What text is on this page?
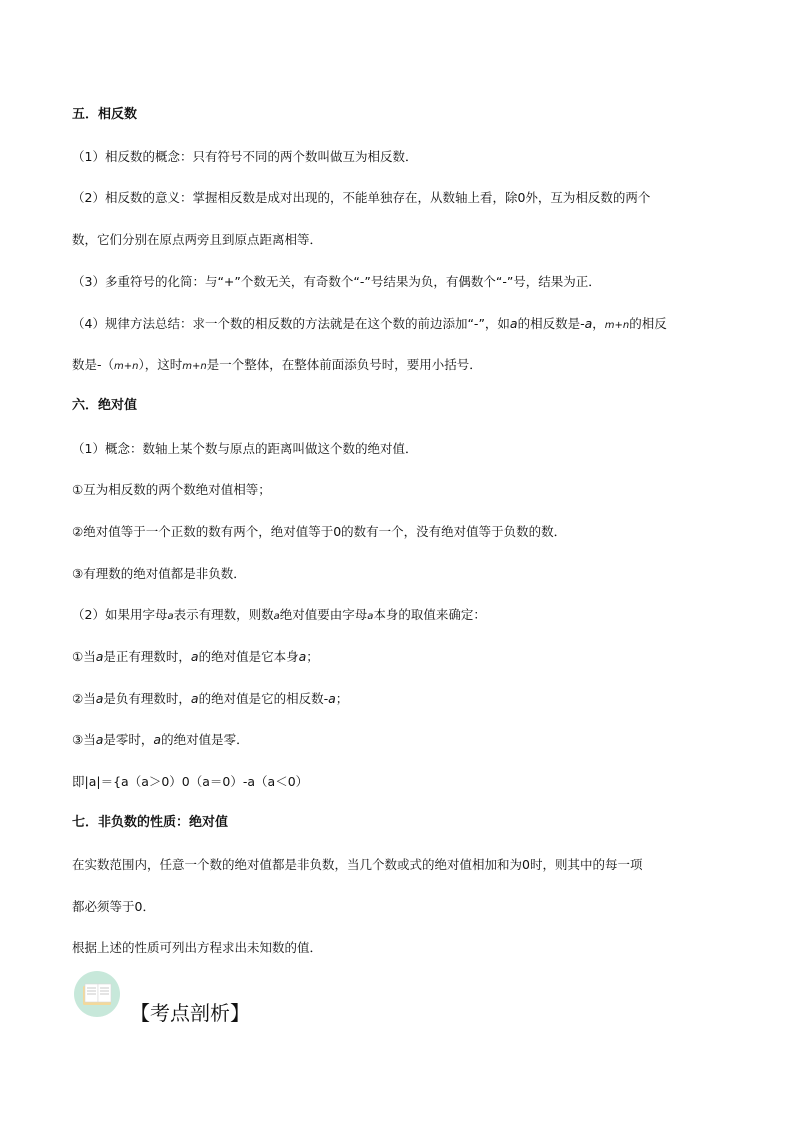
五．相反数
（1）相反数的概念：只有符号不同的两个数叫做互为相反数．
（2）相反数的意义：掌握相反数是成对出现的，不能单独存在，从数轴上看，除0外，互为相反数的两个
数，它们分别在原点两旁且到原点距离相等．
（3）多重符号的化简：与“+”个数无关，有奇数个“-”号结果为负，有偶数个“-”号，结果为正．
（4）规律方法总结：求一个数的相反数的方法就是在这个数的前边添加“-”，如a的相反数是-a，m+n的相反
数是-（m+n），这时m+n是一个整体，在整体前面添负号时，要用小括号．
六．绝对值
（1）概念：数轴上某个数与原点的距离叫做这个数的绝对值．
①互为相反数的两个数绝对值相等；
②绝对值等于一个正数的数有两个，绝对值等于0的数有一个，没有绝对值等于负数的数．
③有理数的绝对值都是非负数．
（2）如果用字母a表示有理数，则数a绝对值要由字母a本身的取值来确定：
①当a是正有理数时，a的绝对值是它本身a；
②当a是负有理数时，a的绝对值是它的相反数-a；
③当a是零时，a的绝对值是零．
即|a|＝{a（a＞0）0（a＝0）-a（a＜0）
七．非负数的性质：绝对值
在实数范围内，任意一个数的绝对值都是非负数，当几个数或式的绝对值相加和为0时，则其中的每一项
都必须等于0．
根据上述的性质可列出方程求出未知数的值．
【考点剖析】
